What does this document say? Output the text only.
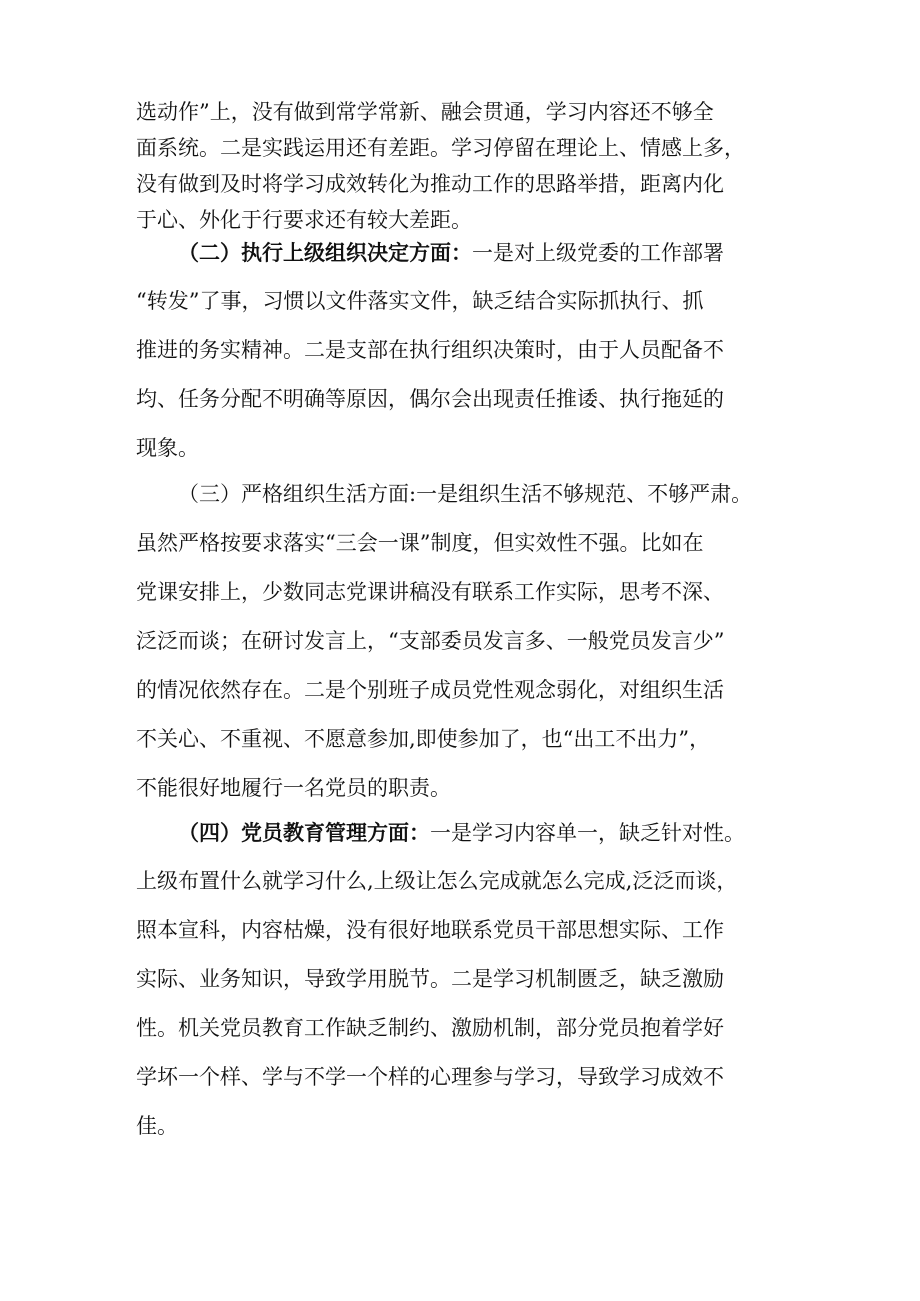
选动作”上，没有做到常学常新、融会贯通，学习内容还不够全
面系统。二是实践运用还有差距。学习停留在理论上、情感上多，
没有做到及时将学习成效转化为推动工作的思路举措，距离内化
于心、外化于行要求还有较大差距。
（二）执行上级组织决定方面：一是对上级党委的工作部署
“转发”了事，习惯以文件落实文件，缺乏结合实际抓执行、抓
推进的务实精神。二是支部在执行组织决策时，由于人员配备不
均、任务分配不明确等原因，偶尔会出现责任推诿、执行拖延的
现象。
（三）严格组织生活方面:一是组织生活不够规范、不够严肃。
虽然严格按要求落实“三会一课”制度，但实效性不强。比如在
党课安排上，少数同志党课讲稿没有联系工作实际，思考不深、
泛泛而谈；在研讨发言上，“支部委员发言多、一般党员发言少”
的情况依然存在。二是个别班子成员党性观念弱化，对组织生活
不关心、不重视、不愿意参加,即使参加了，也“出工不出力”，
不能很好地履行一名党员的职责。
（四）党员教育管理方面：一是学习内容单一，缺乏针对性。
上级布置什么就学习什么,上级让怎么完成就怎么完成,泛泛而谈，
照本宣科，内容枯燥，没有很好地联系党员干部思想实际、工作
实际、业务知识，导致学用脱节。二是学习机制匮乏，缺乏激励
性。机关党员教育工作缺乏制约、激励机制，部分党员抱着学好
学坏一个样、学与不学一个样的心理参与学习，导致学习成效不
佳。
